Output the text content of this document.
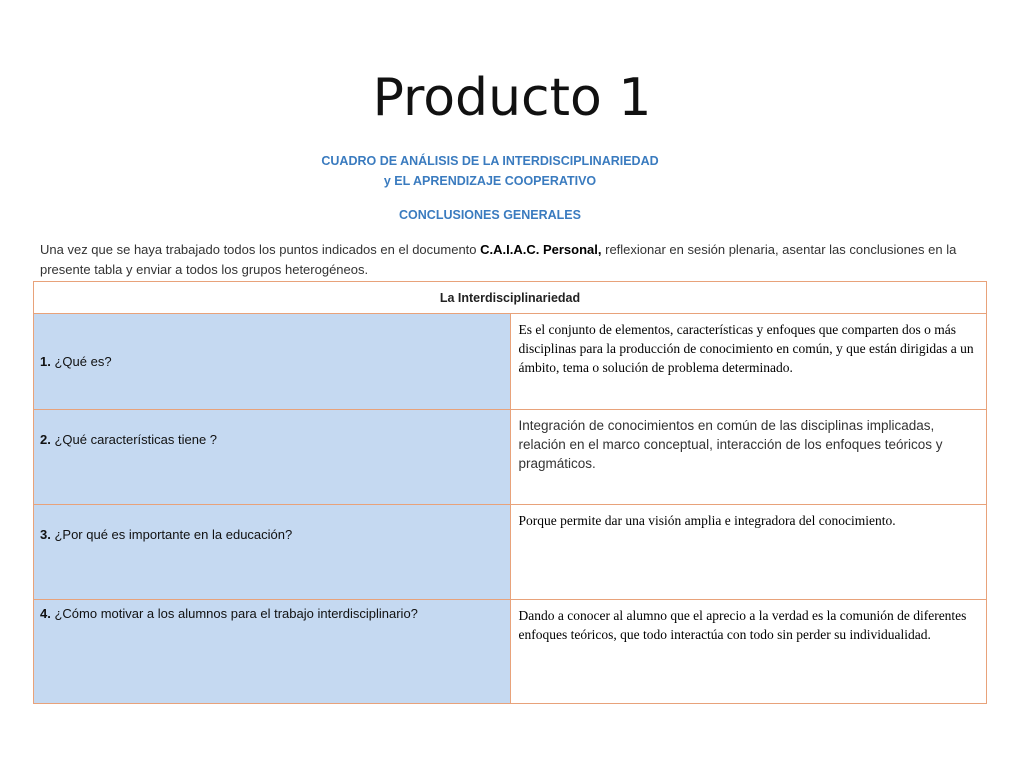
Producto 1
CUADRO DE ANÁLISIS DE LA INTERDISCIPLINARIEDAD
y EL APRENDIZAJE COOPERATIVO
CONCLUSIONES GENERALES
Una vez que se haya trabajado todos los puntos indicados en el documento C.A.I.A.C. Personal, reflexionar en sesión plenaria, asentar las conclusiones en la presente tabla y enviar a todos los grupos heterogéneos.
La Interdisciplinariedad	
1. ¿Qué es?	Es el conjunto de elementos, características y enfoques que comparten dos o más disciplinas para la producción de conocimiento en común, y que están dirigidas a un ámbito, tema o solución de problema determinado.

2. ¿Qué características tiene ?	Integración de conocimientos en común de las disciplinas implicadas, relación en el marco conceptual, interacción de los enfoques teóricos y pragmáticos.

3. ¿Por qué es importante en la educación?	Porque permite dar una visión amplia e integradora del conocimiento.

4. ¿Cómo motivar a los alumnos para el trabajo interdisciplinario?	Dando a conocer al alumno que el aprecio a la verdad es la comunión de diferentes enfoques teóricos, que todo interactúa con todo sin perder su individualidad.
